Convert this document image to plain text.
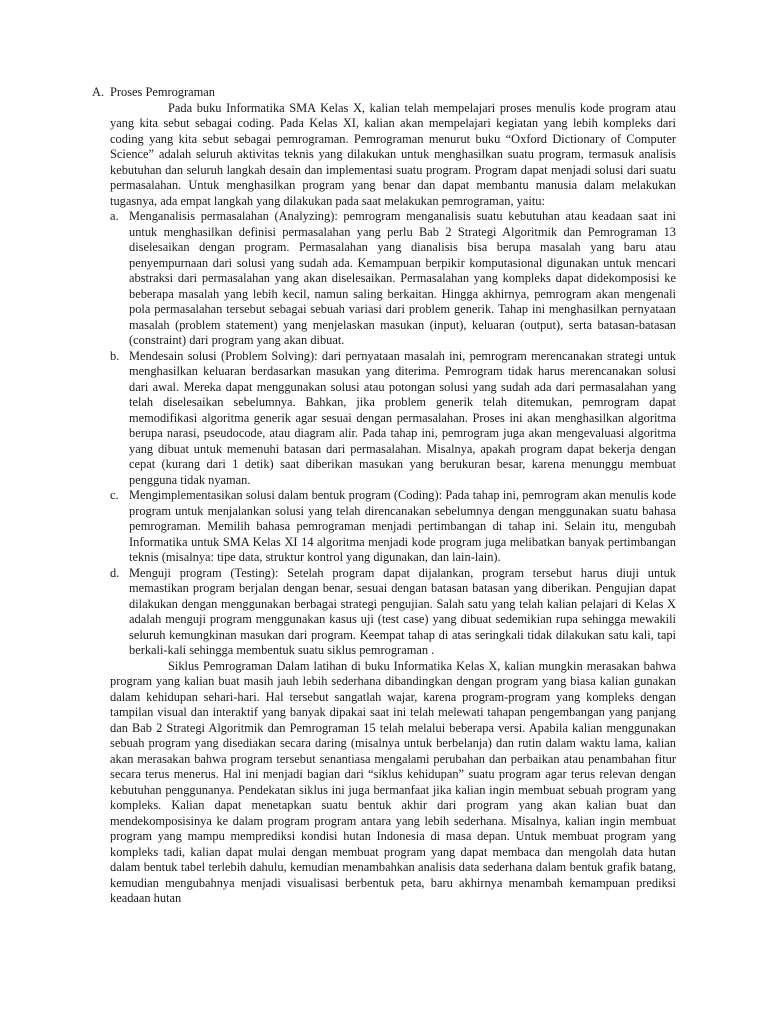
A. Proses Pemrograman

Pada buku Informatika SMA Kelas X, kalian telah mempelajari proses menulis kode program atau yang kita sebut sebagai coding. Pada Kelas XI, kalian akan mempelajari kegiatan yang lebih kompleks dari coding yang kita sebut sebagai pemrograman. Pemrograman menurut buku “Oxford Dictionary of Computer Science” adalah seluruh aktivitas teknis yang dilakukan untuk menghasilkan suatu program, termasuk analisis kebutuhan dan seluruh langkah desain dan implementasi suatu program. Program dapat menjadi solusi dari suatu permasalahan. Untuk menghasilkan program yang benar dan dapat membantu manusia dalam melakukan tugasnya, ada empat langkah yang dilakukan pada saat melakukan pemrograman, yaitu:

a. Menganalisis permasalahan (Analyzing): pemrogram menganalisis suatu kebutuhan atau keadaan saat ini untuk menghasilkan definisi permasalahan yang perlu Bab 2 Strategi Algoritmik dan Pemrograman 13 diselesaikan dengan program. Permasalahan yang dianalisis bisa berupa masalah yang baru atau penyempurnaan dari solusi yang sudah ada. Kemampuan berpikir komputasional digunakan untuk mencari abstraksi dari permasalahan yang akan diselesaikan. Permasalahan yang kompleks dapat didekomposisi ke beberapa masalah yang lebih kecil, namun saling berkaitan. Hingga akhirnya, pemrogram akan mengenali pola permasalahan tersebut sebagai sebuah variasi dari problem generik. Tahap ini menghasilkan pernyataan masalah (problem statement) yang menjelaskan masukan (input), keluaran (output), serta batasan-batasan (constraint) dari program yang akan dibuat.
b. Mendesain solusi (Problem Solving): dari pernyataan masalah ini, pemrogram merencanakan strategi untuk menghasilkan keluaran berdasarkan masukan yang diterima. Pemrogram tidak harus merencanakan solusi dari awal. Mereka dapat menggunakan solusi atau potongan solusi yang sudah ada dari permasalahan yang telah diselesaikan sebelumnya. Bahkan, jika problem generik telah ditemukan, pemrogram dapat memodifikasi algoritma generik agar sesuai dengan permasalahan. Proses ini akan menghasilkan algoritma berupa narasi, pseudocode, atau diagram alir. Pada tahap ini, pemrogram juga akan mengevaluasi algoritma yang dibuat untuk memenuhi batasan dari permasalahan. Misalnya, apakah program dapat bekerja dengan cepat (kurang dari 1 detik) saat diberikan masukan yang berukuran besar, karena menunggu membuat pengguna tidak nyaman.
c. Mengimplementasikan solusi dalam bentuk program (Coding): Pada tahap ini, pemrogram akan menulis kode program untuk menjalankan solusi yang telah direncanakan sebelumnya dengan menggunakan suatu bahasa pemrograman. Memilih bahasa pemrograman menjadi pertimbangan di tahap ini. Selain itu, mengubah Informatika untuk SMA Kelas XI 14 algoritma menjadi kode program juga melibatkan banyak pertimbangan teknis (misalnya: tipe data, struktur kontrol yang digunakan, dan lain-lain).
d. Menguji program (Testing): Setelah program dapat dijalankan, program tersebut harus diuji untuk memastikan program berjalan dengan benar, sesuai dengan batasan batasan yang diberikan. Pengujian dapat dilakukan dengan menggunakan berbagai strategi pengujian. Salah satu yang telah kalian pelajari di Kelas X adalah menguji program menggunakan kasus uji (test case) yang dibuat sedemikian rupa sehingga mewakili seluruh kemungkinan masukan dari program. Keempat tahap di atas seringkali tidak dilakukan satu kali, tapi berkali-kali sehingga membentuk suatu siklus pemrograman .

Siklus Pemrograman Dalam latihan di buku Informatika Kelas X, kalian mungkin merasakan bahwa program yang kalian buat masih jauh lebih sederhana dibandingkan dengan program yang biasa kalian gunakan dalam kehidupan sehari-hari. Hal tersebut sangatlah wajar, karena program-program yang kompleks dengan tampilan visual dan interaktif yang banyak dipakai saat ini telah melewati tahapan pengembangan yang panjang dan Bab 2 Strategi Algoritmik dan Pemrograman 15 telah melalui beberapa versi. Apabila kalian menggunakan sebuah program yang disediakan secara daring (misalnya untuk berbelanja) dan rutin dalam waktu lama, kalian akan merasakan bahwa program tersebut senantiasa mengalami perubahan dan perbaikan atau penambahan fitur secara terus menerus. Hal ini menjadi bagian dari “siklus kehidupan” suatu program agar terus relevan dengan kebutuhan penggunanya. Pendekatan siklus ini juga bermanfaat jika kalian ingin membuat sebuah program yang kompleks. Kalian dapat menetapkan suatu bentuk akhir dari program yang akan kalian buat dan mendekomposisinya ke dalam program program antara yang lebih sederhana. Misalnya, kalian ingin membuat program yang mampu memprediksi kondisi hutan Indonesia di masa depan. Untuk membuat program yang kompleks tadi, kalian dapat mulai dengan membuat program yang dapat membaca dan mengolah data hutan dalam bentuk tabel terlebih dahulu, kemudian menambahkan analisis data sederhana dalam bentuk grafik batang, kemudian mengubahnya menjadi visualisasi berbentuk peta, baru akhirnya menambah kemampuan prediksi keadaan hutan
